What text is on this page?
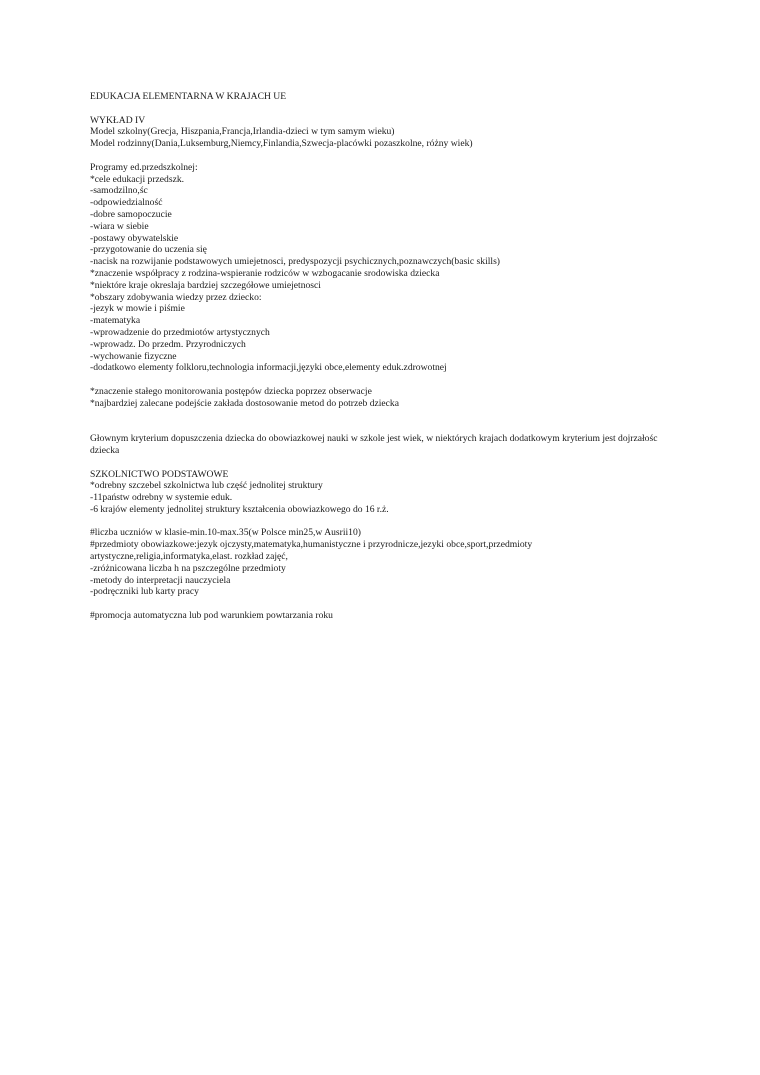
EDUKACJA ELEMENTARNA W KRAJACH UE
WYKŁAD IV
Model szkolny(Grecja, Hiszpania,Francja,Irlandia-dzieci w tym samym wieku)
Model rodzinny(Dania,Luksemburg,Niemcy,Finlandia,Szwecja-placówki pozaszkolne, różny wiek)
Programy ed.przedszkolnej:
*cele edukacji przedszk.
-samodzilno,śc
-odpowiedzialność
-dobre samopoczucie
-wiara w siebie
-postawy obywatelskie
-przygotowanie do uczenia się
-nacisk na rozwijanie podstawowych umiejetnosci, predyspozycji psychicznych,poznawczych(basic skills)
*znaczenie współpracy z rodzina-wspieranie rodziców w wzbogacanie srodowiska dziecka
*niektóre kraje okreslaja bardziej szczegółowe umiejetnosci
*obszary zdobywania wiedzy przez dziecko:
-jezyk w mowie i piśmie
-matematyka
-wprowadzenie do przedmiotów artystycznych
-wprowadz. Do przedm. Przyrodniczych
-wychowanie fizyczne
-dodatkowo elementy folkloru,technologia informacji,języki obce,elementy eduk.zdrowotnej
*znaczenie stałego monitorowania postępów dziecka poprzez obserwacje
*najbardziej zalecane podejście zakłada dostosowanie metod do potrzeb dziecka
Głownym kryterium dopuszczenia dziecka do obowiazkowej nauki w szkole jest wiek, w niektórych krajach dodatkowym kryterium jest dojrzałośc dziecka
SZKOLNICTWO PODSTAWOWE
*odrebny szczebel szkolnictwa lub część jednolitej struktury
-11państw odrebny w systemie eduk.
-6 krajów elementy jednolitej struktury kształcenia obowiazkowego do 16 r.ż.
#liczba uczniów w klasie-min.10-max.35(w Polsce min25,w Ausrii10)
#przedmioty obowiazkowe:jezyk ojczysty,matematyka,humanistyczne i przyrodnicze,jezyki obce,sport,przedmioty artystyczne,religia,informatyka,elast. rozkład zajęć,
-zróżnicowana liczba h na pszczególne przedmioty
-metody do interpretacji nauczyciela
-podręczniki lub karty pracy
#promocja automatyczna lub pod warunkiem powtarzania roku
